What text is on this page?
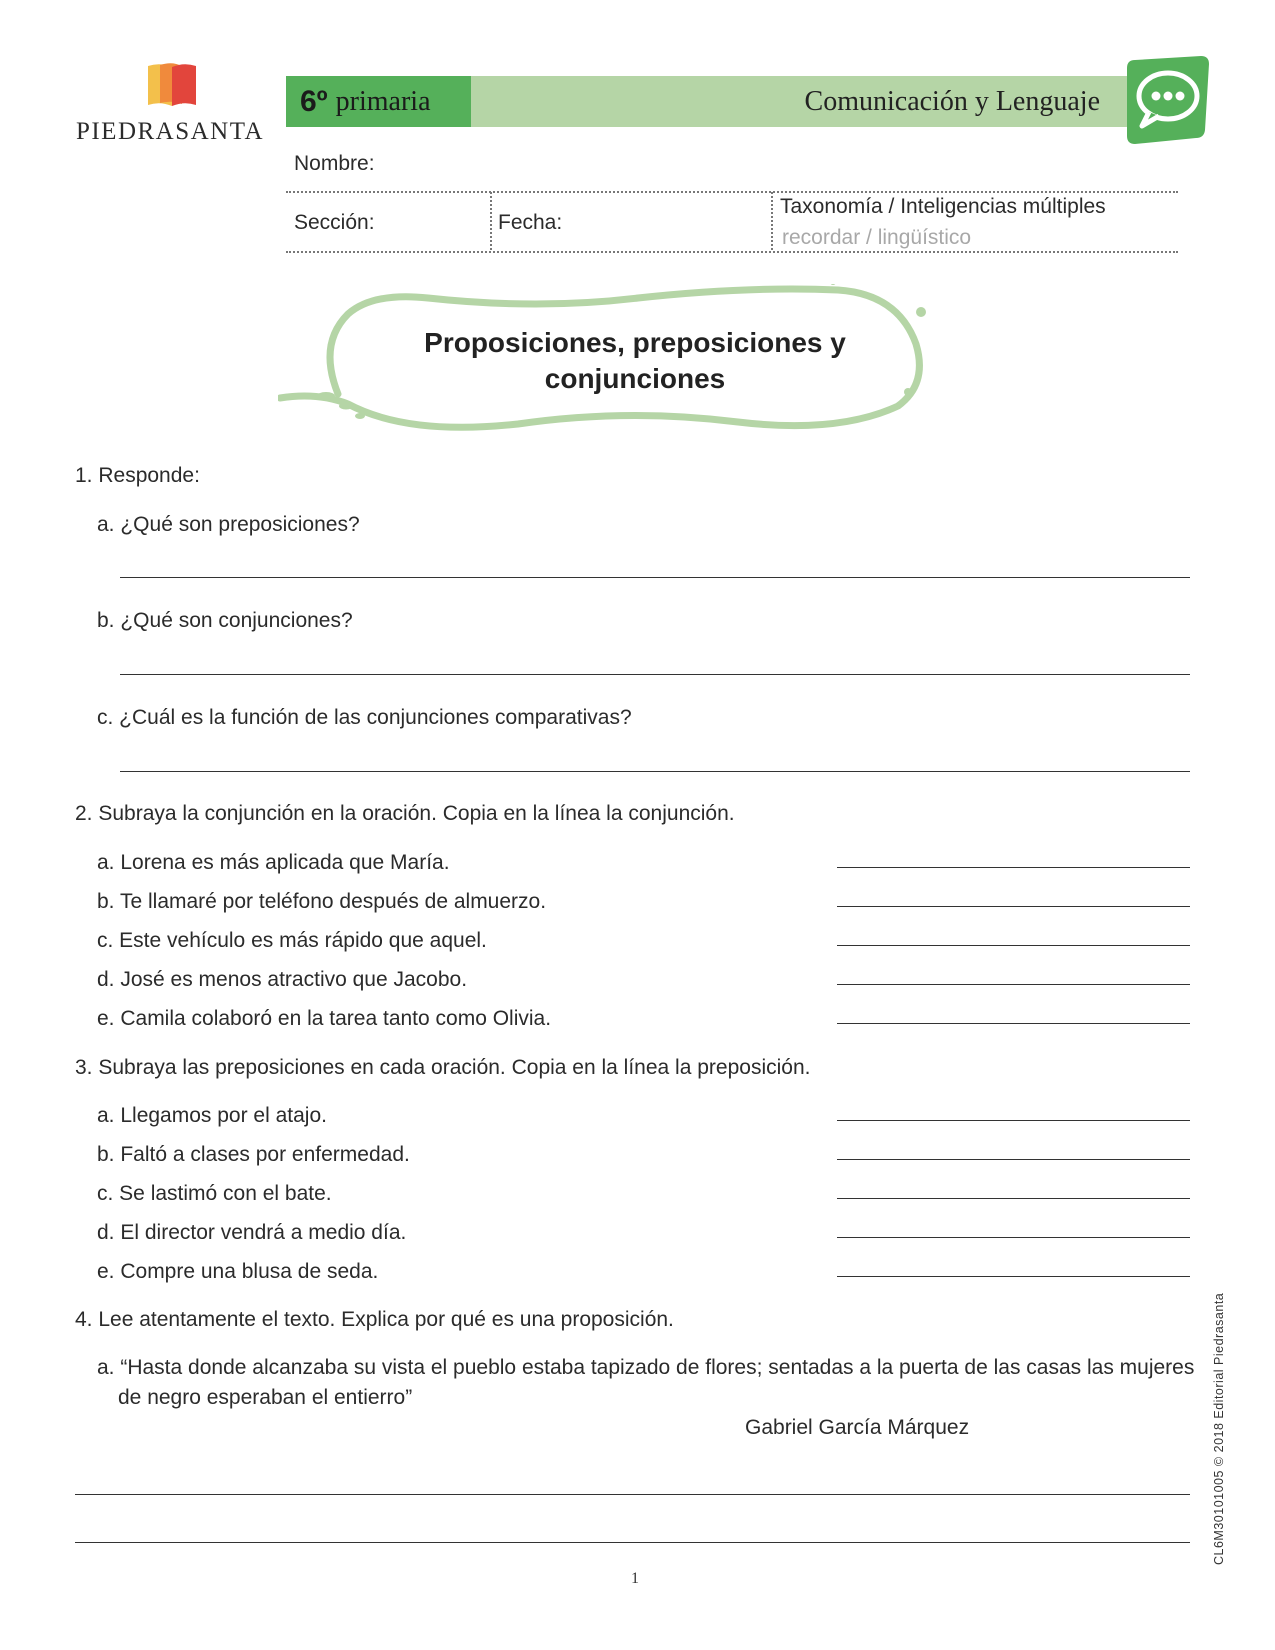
PIEDRASANTA
6º primaria	Comunicación y Lenguaje
Nombre:
Sección:	Fecha:
Taxonomía / Inteligencias múltiples
recordar / lingüístico
Proposiciones, preposiciones y
conjunciones
1. Responde:
a. ¿Qué son preposiciones?
b. ¿Qué son conjunciones?
c. ¿Cuál es la función de las conjunciones comparativas?
2. Subraya la conjunción en la oración. Copia en la línea la conjunción.
a. Lorena es más aplicada que María.
b. Te llamaré por teléfono después de almuerzo.
c. Este vehículo es más rápido que aquel.
d. José es menos atractivo que Jacobo.
e. Camila colaboró en la tarea tanto como Olivia.
3. Subraya las preposiciones en cada oración. Copia en la línea la preposición.
a. Llegamos por el atajo.
b. Faltó a clases por enfermedad.
c. Se lastimó con el bate.
d. El director vendrá a medio día.
e. Compre una blusa de seda.
4. Lee atentamente el texto. Explica por qué es una proposición.
a. “Hasta donde alcanzaba su vista el pueblo estaba tapizado de flores; sentadas a la puerta de las casas las mujeres
de negro esperaban el entierro”
Gabriel García Márquez
1
CL6M30101005 © 2018 Editorial Piedrasanta
